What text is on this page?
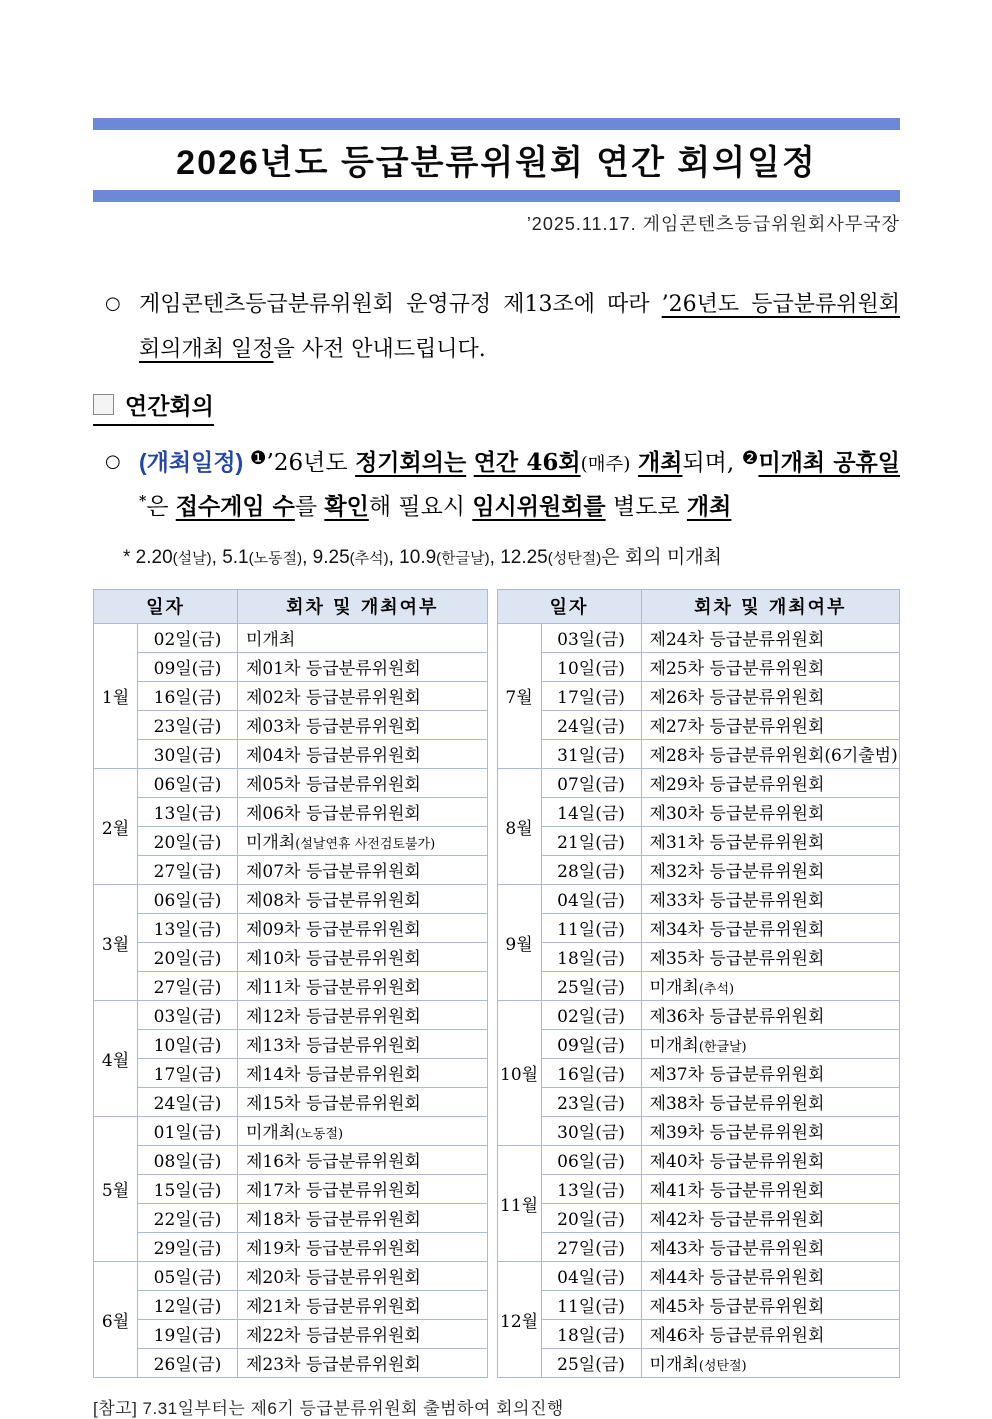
2026년도 등급분류위원회 연간 회의일정
’2025.11.17. 게임콘텐츠등급위원회사무국장
○ 게임콘텐츠등급분류위원회 운영규정 제13조에 따라 ’26년도 등급분류위원회 회의개최 일정을 사전 안내드립니다.
연간회의
○ (개최일정) $^❶$’26년도 정기회의는 연간 46회(매주) 개최되며, $^❷$미개최 공휴일*은 접수게임 수를 확인해 필요시 임시위원회를 별도로 개최
* 2.20(설날), 5.1(노동절), 9.25(추석), 10.9(한글날), 12.25(성탄절)은 회의 미개최
일자		회차 및 개최여부
1월	02일(금)	미개최
	09일(금)	제01차 등급분류위원회
	16일(금)	제02차 등급분류위원회
	23일(금)	제03차 등급분류위원회
	30일(금)	제04차 등급분류위원회
2월	06일(금)	제05차 등급분류위원회
	13일(금)	제06차 등급분류위원회
	20일(금)	미개최(설날연휴 사전검토불가)
	27일(금)	제07차 등급분류위원회
3월	06일(금)	제08차 등급분류위원회
	13일(금)	제09차 등급분류위원회
	20일(금)	제10차 등급분류위원회
	27일(금)	제11차 등급분류위원회
4월	03일(금)	제12차 등급분류위원회
	10일(금)	제13차 등급분류위원회
	17일(금)	제14차 등급분류위원회
	24일(금)	제15차 등급분류위원회
5월	01일(금)	미개최(노동절)
	08일(금)	제16차 등급분류위원회
	15일(금)	제17차 등급분류위원회
	22일(금)	제18차 등급분류위원회
	29일(금)	제19차 등급분류위원회
6월	05일(금)	제20차 등급분류위원회
	12일(금)	제21차 등급분류위원회
	19일(금)	제22차 등급분류위원회
	26일(금)	제23차 등급분류위원회
일자		회차 및 개최여부
7월	03일(금)	제24차 등급분류위원회
	10일(금)	제25차 등급분류위원회
	17일(금)	제26차 등급분류위원회
	24일(금)	제27차 등급분류위원회
	31일(금)	제28차 등급분류위원회(6기출범)
8월	07일(금)	제29차 등급분류위원회
	14일(금)	제30차 등급분류위원회
	21일(금)	제31차 등급분류위원회
	28일(금)	제32차 등급분류위원회
9월	04일(금)	제33차 등급분류위원회
	11일(금)	제34차 등급분류위원회
	18일(금)	제35차 등급분류위원회
	25일(금)	미개최(추석)
10월	02일(금)	제36차 등급분류위원회
	09일(금)	미개최(한글날)
	16일(금)	제37차 등급분류위원회
	23일(금)	제38차 등급분류위원회
	30일(금)	제39차 등급분류위원회
11월	06일(금)	제40차 등급분류위원회
	13일(금)	제41차 등급분류위원회
	20일(금)	제42차 등급분류위원회
	27일(금)	제43차 등급분류위원회
12월	04일(금)	제44차 등급분류위원회
	11일(금)	제45차 등급분류위원회
	18일(금)	제46차 등급분류위원회
	25일(금)	미개최(성탄절)
[참고] 7.31일부터는 제6기 등급분류위원회 출범하여 회의진행
